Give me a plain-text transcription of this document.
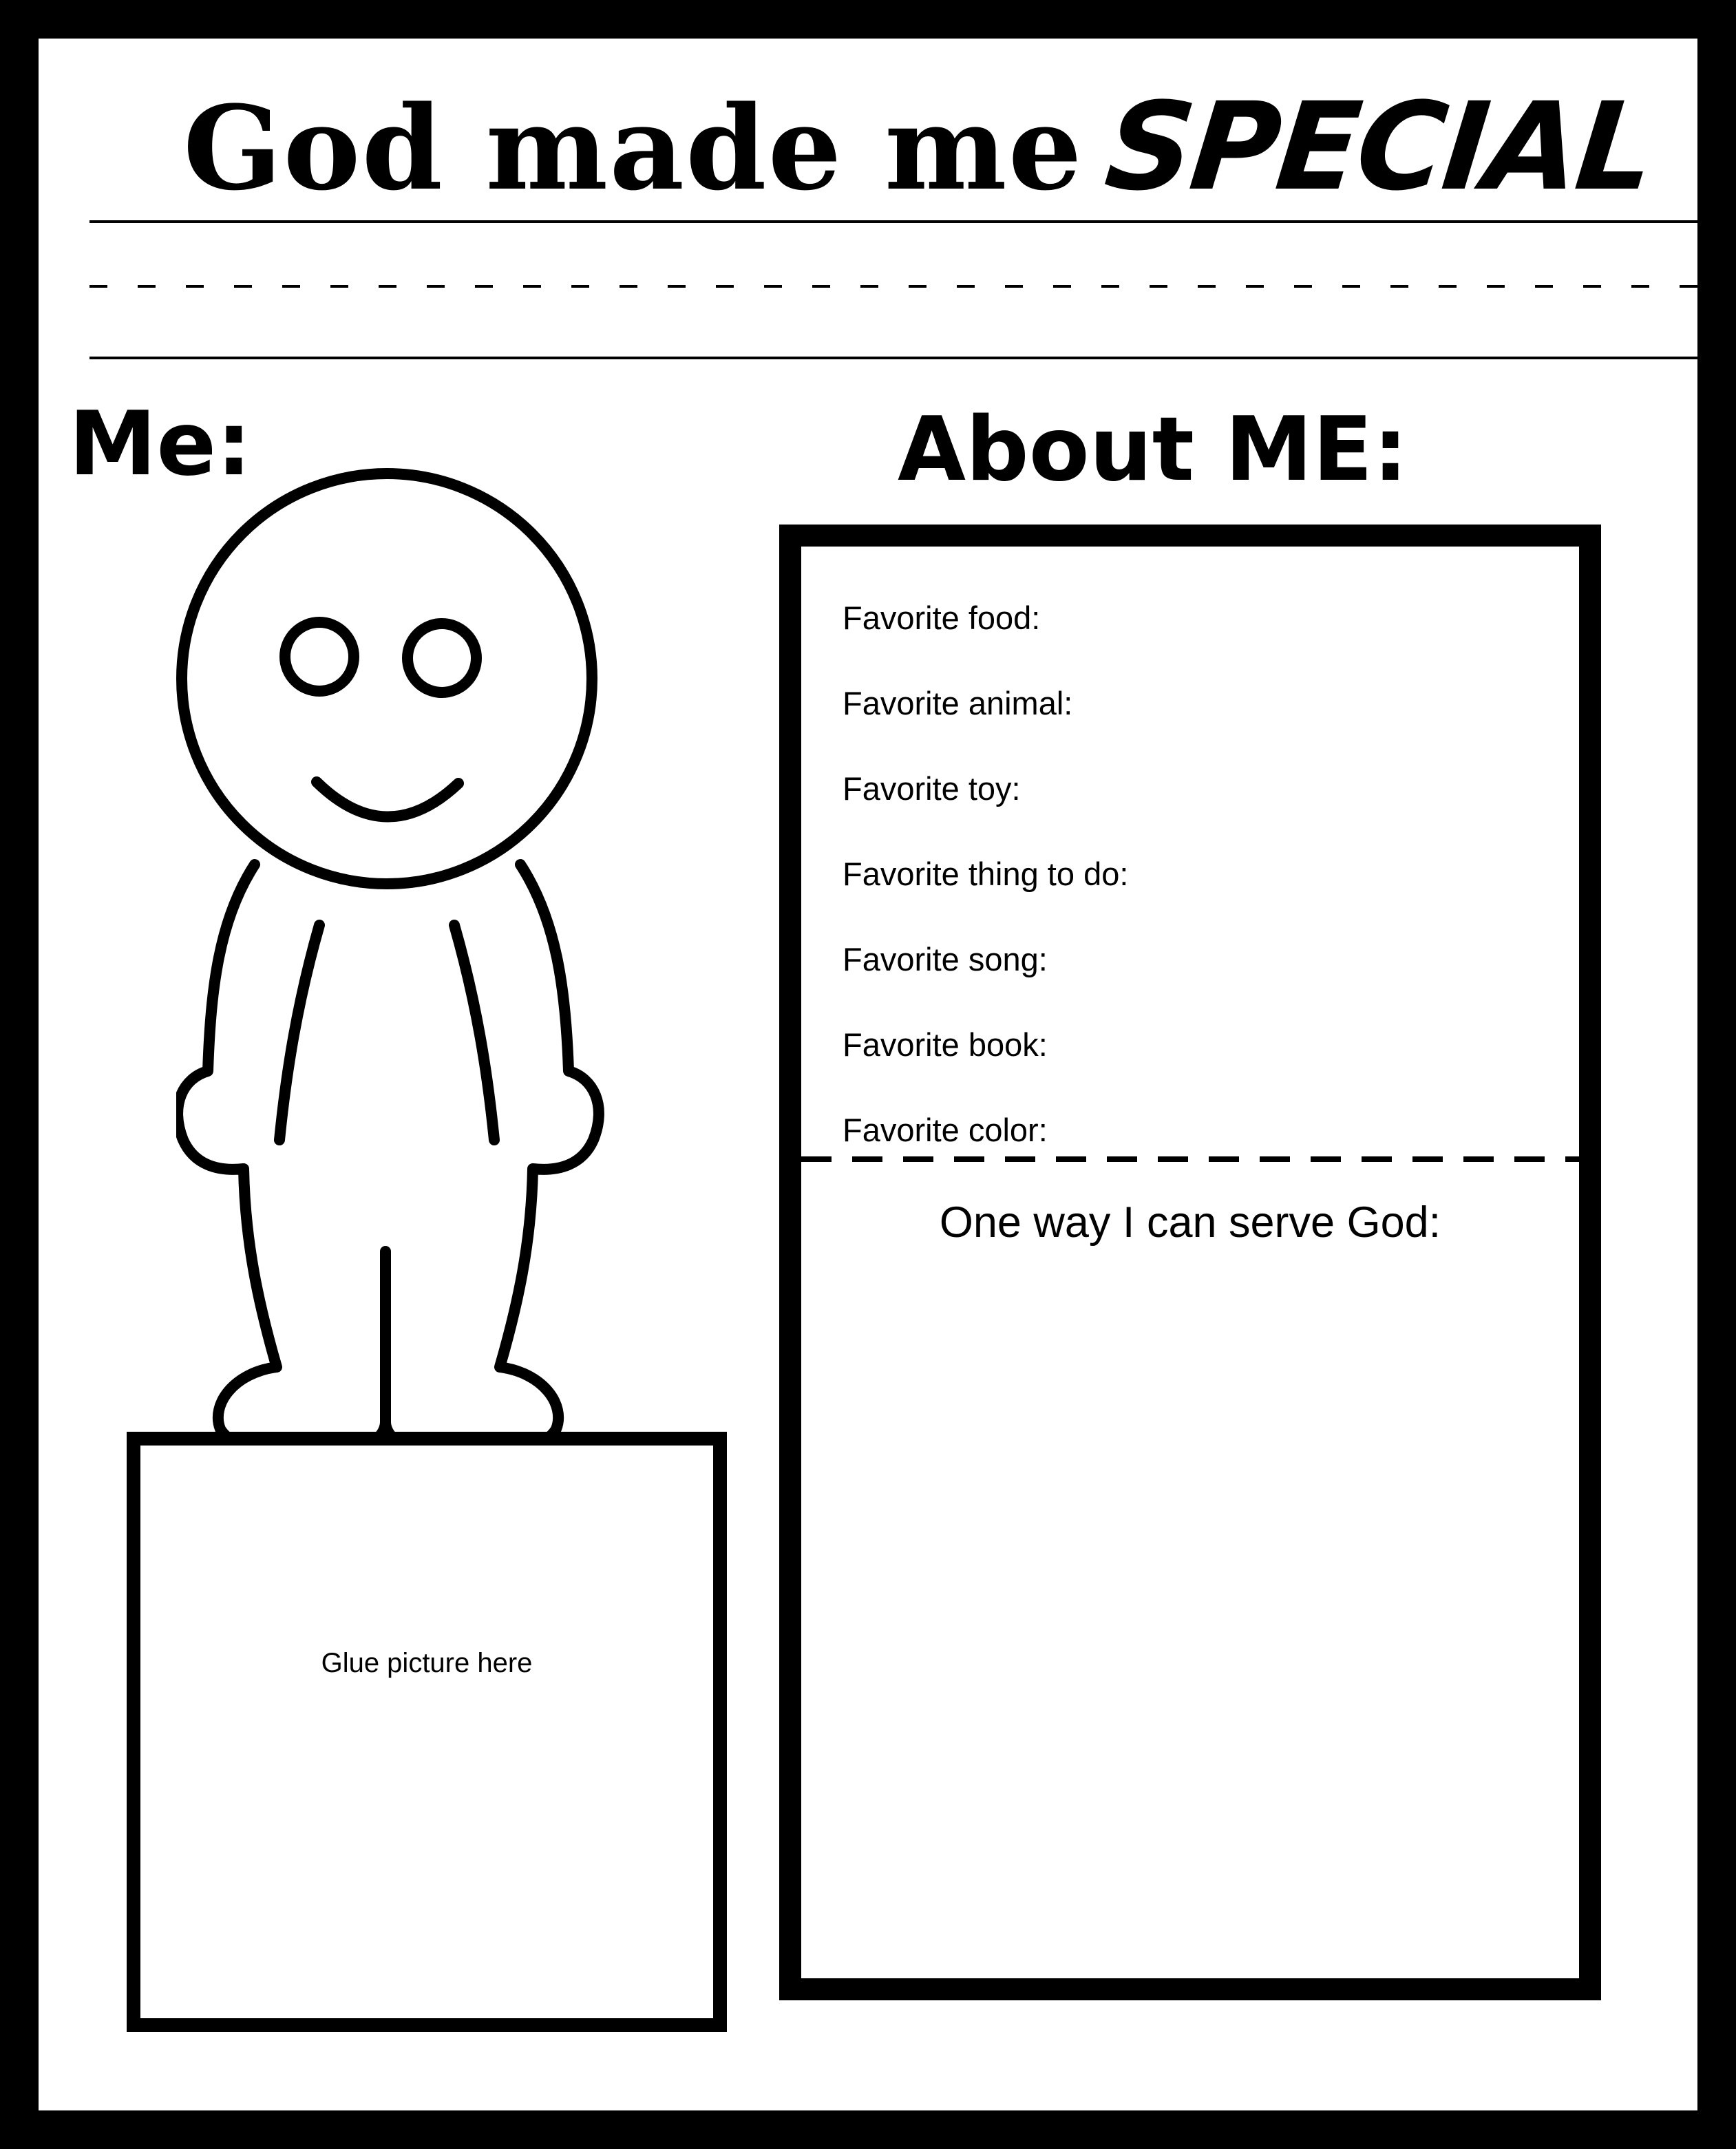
God made me SPECIAL
Me:	About ME:
Glue picture here
Favorite food:
Favorite animal:
Favorite toy:
Favorite thing to do:
Favorite song:
Favorite book:
Favorite color:
One way I can serve God:
